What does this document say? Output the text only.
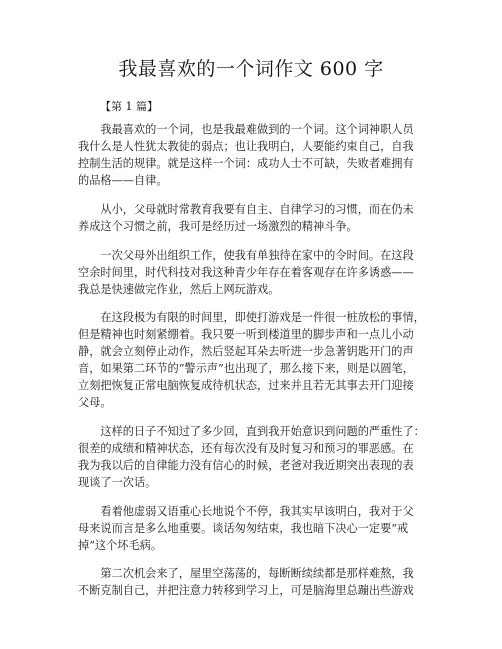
我最喜欢的一个词作文 600 字
【第 1 篇】
　　我最喜欢的一个词，也是我最难做到的一个词。这个词神职人员
我什么是人性犹太教徒的弱点；也让我明白，人要能约束自己，自我
控制生活的规律。就是这样一个词：成功人士不可缺，失败者难拥有
的品格——自律。
　　从小，父母就时常教育我要有自主、自律学习的习惯，而在仍未
养成这个习惯之前，我可是经历过一场激烈的精神斗争。
　　一次父母外出组织工作，使我有单独待在家中的令时间。在这段
空余时间里，时代科技对我这种青少年存在着客观存在许多诱惑——
我总是快速做完作业，然后上网玩游戏。
　　在这段极为有限的时间里，即使打游戏是一件很一桩放松的事情，
但是精神也时刻紧绷着。我只要一听到楼道里的脚步声和一点儿小动
静，就会立刻停止动作，然后竖起耳朵去听进一步急著钥匙开门的声
音，如果第二环节的“警示声”也出现了，那么接下来，则是以圆笔，
立刻把恢复正常电脑恢复成待机状态，过来并且若无其事去开门迎接
父母。
　　这样的日子不知过了多少回，直到我开始意识到问题的严重性了：
很差的成绩和精神状态，还有每次没有及时复习和预习的罪恶感。在
我为我以后的自律能力没有信心的时候，老爸对我近期突出表现的表
现谈了一次话。
　　看着他虚弱又语重心长地说个不停，我其实早该明白，我对于父
母来说而言是多么地重要。谈话匆匆结束，我也暗下决心一定要“戒
掉”这个坏毛病。
　　第二次机会来了，屋里空荡荡的，每断断续续都是那样难熬，我
不断克制自己，并把注意力转移到学习上，可是脑海里总蹦出些游戏
